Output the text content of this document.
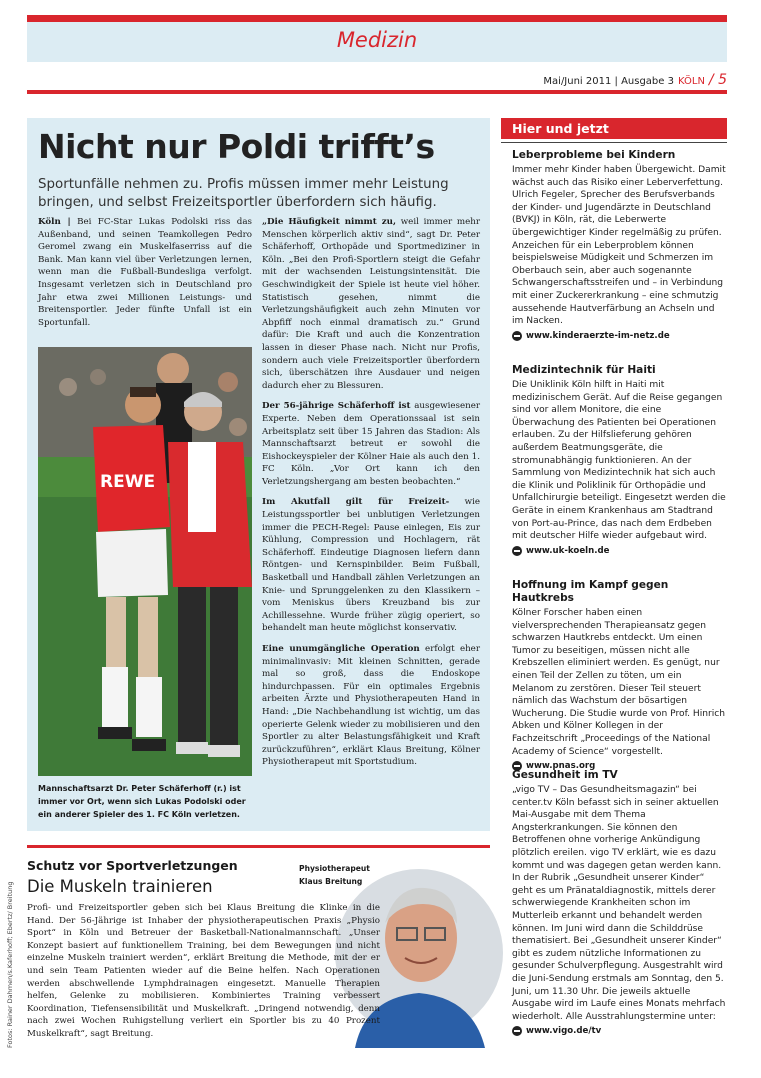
Medizin
Mai/Juni 2011 | Ausgabe 3 KÖLN / 5
Nicht nur Poldi trifft’s
Sportunfälle nehmen zu. Profis müssen immer mehr Leistung bringen, und selbst Freizeitsportler überfordern sich häufig.
Köln | Bei FC-Star Lukas Podolski riss das Außenband, und seinen Teamkollegen Pedro Geromel zwang ein Muskelfaserriss auf die Bank. Man kann viel über Verletzungen lernen, wenn man die Fußball-Bundesliga verfolgt. Insgesamt verletzen sich in Deutschland pro Jahr etwa zwei Millionen Leistungs- und Breitensportler. Jeder fünfte Unfall ist ein Sportunfall.
REWE
Mannschaftsarzt Dr. Peter Schäferhoff (r.) ist immer vor Ort, wenn sich Lukas Podolski oder ein anderer Spieler des 1. FC Köln verletzen.

„Die Häufigkeit nimmt zu, weil immer mehr Menschen körperlich aktiv sind“, sagt Dr. Peter Schäferhoff, Orthopäde und Sportmediziner in Köln. „Bei den Profi-Sportlern steigt die Gefahr mit der wachsenden Leistungsintensität. Die Geschwindigkeit der Spiele ist heute viel höher. Statistisch gesehen, nimmt die Verletzungshäufigkeit auch zehn Minuten vor Abpfiff noch einmal dramatisch zu.“ Grund dafür: Die Kraft und auch die Konzentration lassen in dieser Phase nach. Nicht nur Profis, sondern auch viele Freizeitsportler überfordern sich, überschätzen ihre Ausdauer und neigen dadurch eher zu Blessuren.

Der 56-jährige Schäferhoff ist ausgewiesener Experte. Neben dem Operationssaal ist sein Arbeitsplatz seit über 15 Jahren das Stadion: Als Mannschaftsarzt betreut er sowohl die Eishockeyspieler der Kölner Haie als auch den 1. FC Köln. „Vor Ort kann ich den Verletzungshergang am besten beobachten.“

Im Akutfall gilt für Freizeit- wie Leistungssportler bei unblutigen Verletzungen immer die PECH-Regel: Pause einlegen, Eis zur Kühlung, Compression und Hochlagern, rät Schäferhoff. Eindeutige Diagnosen liefern dann Röntgen- und Kernspinbilder. Beim Fußball, Basketball und Handball zählen Verletzungen an Knie- und Sprunggelenken zu den Klassikern – vom Meniskus übers Kreuzband bis zur Achillessehne. Wurde früher zügig operiert, so behandelt man heute möglichst konservativ.

Eine unumgängliche Operation erfolgt eher minimalinvasiv: Mit kleinen Schnitten, gerade mal so groß, dass die Endoskope hindurchpassen. Für ein optimales Ergebnis arbeiten Ärzte und Physiotherapeuten Hand in Hand: „Die Nachbehandlung ist wichtig, um das operierte Gelenk wieder zu mobilisieren und den Sportler zu alter Belastungsfähigkeit und Kraft zurückzuführen“, erklärt Klaus Breitung, Kölner Physiotherapeut mit Sportstudium.

Schutz vor Sportverletzungen
Die Muskeln trainieren
Physiotherapeut Klaus Breitung
Profi- und Freizeitsportler geben sich bei Klaus Breitung die Klinke in die Hand. Der 56-Jährige ist Inhaber der physiotherapeutischen Praxis „Physio Sport“ in Köln und Betreuer der Basketball-Nationalmannschaft. „Unser Konzept basiert auf funktionellem Training, bei dem Bewegungen und nicht einzelne Muskeln trainiert werden“, erklärt Breitung die Methode, mit der er und sein Team Patienten wieder auf die Beine helfen. Nach Operationen werden abschwellende Lymphdrainagen eingesetzt. Manuelle Therapien helfen, Gelenke zu mobilisieren. Kombiniertes Training verbessert Koordination, Tiefensensibilität und Muskelkraft. „Dringend notwendig, denn nach zwei Wochen Ruhigstellung verliert ein Sportler bis zu 40 Prozent Muskelkraft“, sagt Breitung.
Fotos: Rainer Dahmen/s.Kaferhoff; Ebertz/ Breitung
Hier und jetzt
Leberprobleme bei Kindern
Immer mehr Kinder haben Übergewicht. Damit wächst auch das Risiko einer Leberverfettung. Ulrich Fegeler, Sprecher des Berufsverbands der Kinder- und Jugendärzte in Deutschland (BVKJ) in Köln, rät, die Leberwerte übergewichtiger Kinder regelmäßig zu prüfen. Anzeichen für ein Leberproblem können beispielsweise Müdigkeit und Schmerzen im Oberbauch sein, aber auch sogenannte Schwangerschaftsstreifen und – in Verbindung mit einer Zuckererkrankung – eine schmutzig aussehende Hautverfärbung an Achseln und im Nacken.
www.kinderaerzte-im-netz.de
Medizintechnik für Haiti
Die Uniklinik Köln hilft in Haiti mit medizinischem Gerät. Auf die Reise gegangen sind vor allem Monitore, die eine Überwachung des Patienten bei Operationen erlauben. Zu der Hilfslieferung gehören außerdem Beatmungsgeräte, die stromunabhängig funktionieren. An der Sammlung von Medizintechnik hat sich auch die Klinik und Poliklinik für Orthopädie und Unfallchirurgie beteiligt. Eingesetzt werden die Geräte in einem Krankenhaus am Stadtrand von Port-au-Prince, das nach dem Erdbeben mit deutscher Hilfe wieder aufgebaut wird.
www.uk-koeln.de
Hoffnung im Kampf gegen Hautkrebs
Kölner Forscher haben einen vielversprechenden Therapieansatz gegen schwarzen Hautkrebs entdeckt. Um einen Tumor zu beseitigen, müssen nicht alle Krebszellen eliminiert werden. Es genügt, nur einen Teil der Zellen zu töten, um ein Melanom zu zerstören. Dieser Teil steuert nämlich das Wachstum der bösartigen Wucherung. Die Studie wurde von Prof. Hinrich Abken und Kölner Kollegen in der Fachzeitschrift „Proceedings of the National Academy of Science“ vorgestellt.
www.pnas.org
Gesundheit im TV
„vigo TV – Das Gesundheitsmagazin“ bei center.tv Köln befasst sich in seiner aktuellen Mai-Ausgabe mit dem Thema Angsterkrankungen. Sie können den Betroffenen ohne vorherige Ankündigung plötzlich ereilen. vigo TV erklärt, wie es dazu kommt und was dagegen getan werden kann. In der Rubrik „Gesundheit unserer Kinder“ geht es um Pränataldiagnostik, mittels derer schwerwiegende Krankheiten schon im Mutterleib erkannt und behandelt werden können. Im Juni wird dann die Schilddrüse thematisiert. Bei „Gesundheit unserer Kinder“ gibt es zudem nützliche Informationen zu gesunder Schulverpflegung. Ausgestrahlt wird die Juni-Sendung erstmals am Sonntag, den 5. Juni, um 11.30 Uhr. Die jeweils aktuelle Ausgabe wird im Laufe eines Monats mehrfach wiederholt. Alle Ausstrahlungstermine unter:
www.vigo.de/tv
